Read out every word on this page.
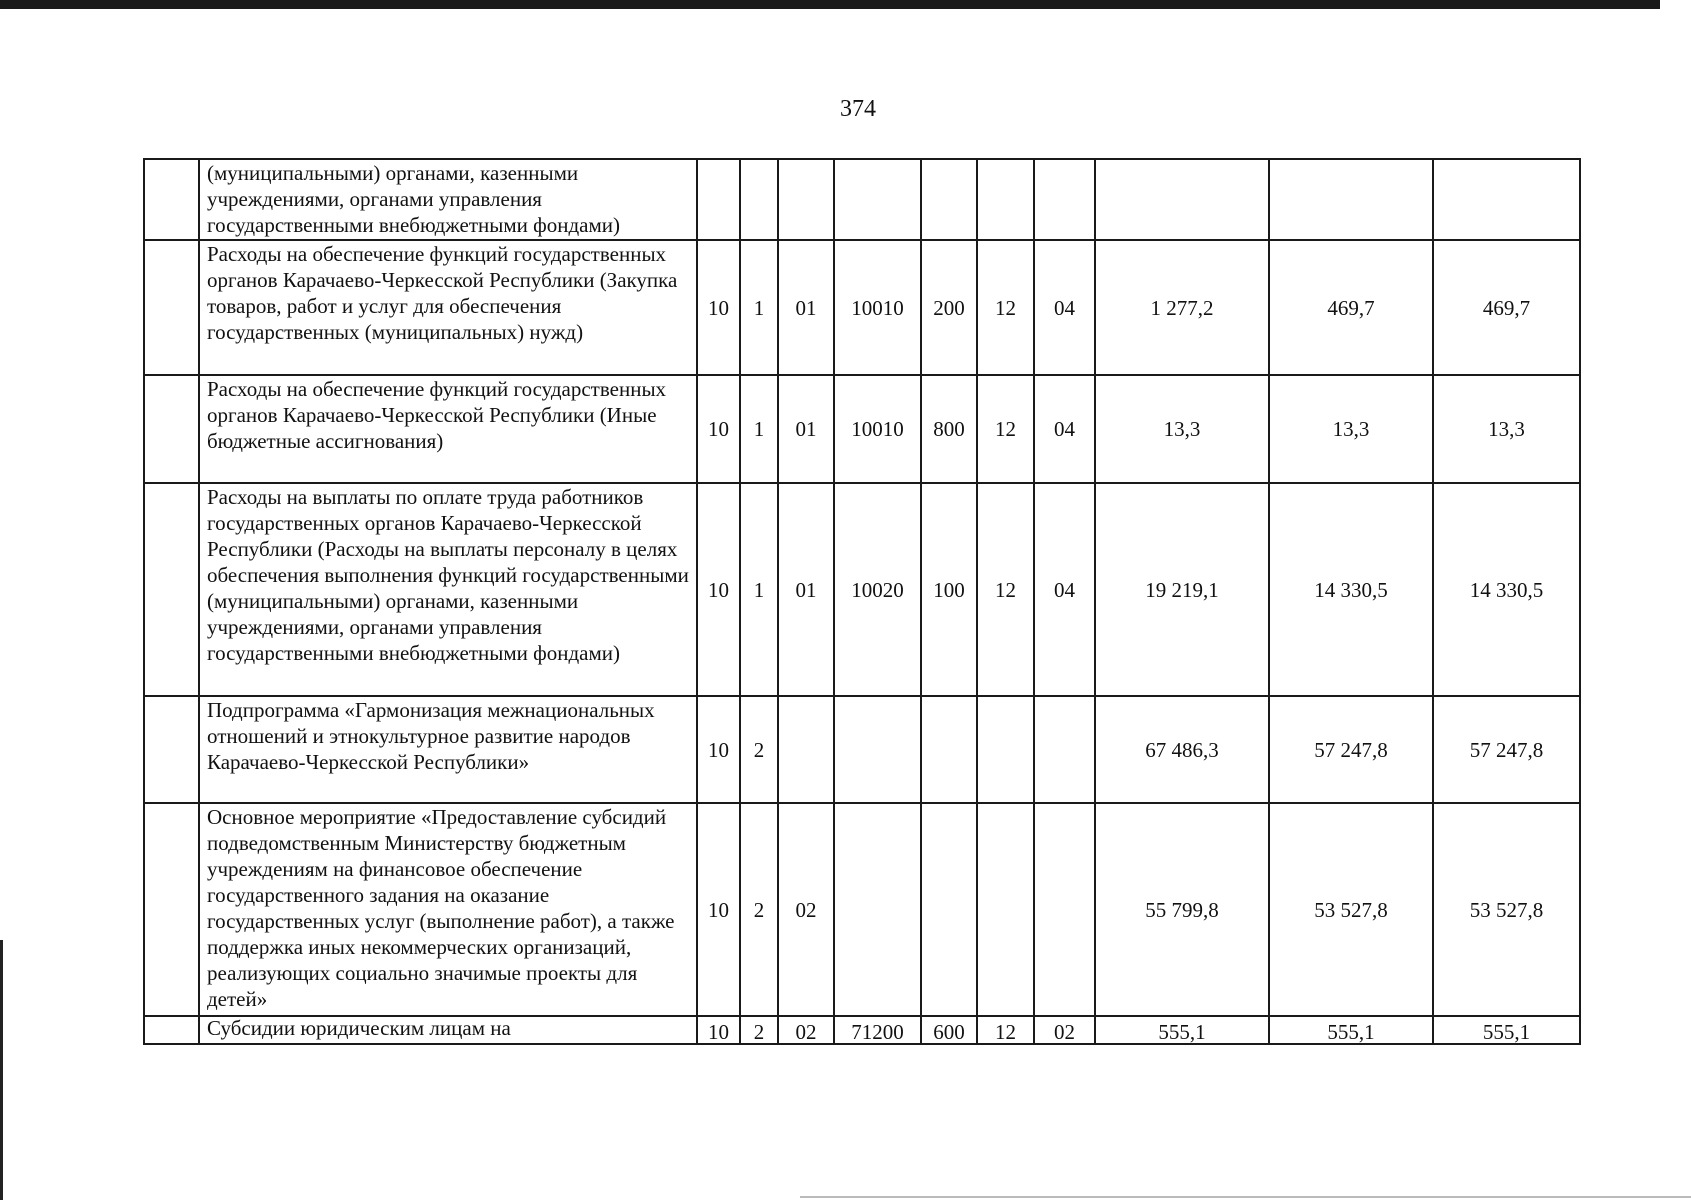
374
	(муниципальными) органами, казенными учреждениями, органами управления государственными внебюджетными фондами)										
	Расходы на обеспечение функций государственных органов Карачаево-Черкесской Республики (Закупка товаров, работ и услуг для обеспечения государственных (муниципальных) нужд)	10	1	01	10010	200	12	04	1 277,2	469,7	469,7
	Расходы на обеспечение функций государственных органов Карачаево-Черкесской Республики (Иные бюджетные ассигнования)	10	1	01	10010	800	12	04	13,3	13,3	13,3
	Расходы на выплаты по оплате труда работников государственных органов Карачаево-Черкесской Республики (Расходы на выплаты персоналу в целях обеспечения выполнения функций государственными (муниципальными) органами, казенными учреждениями, органами управления государственными внебюджетными фондами)	10	1	01	10020	100	12	04	19 219,1	14 330,5	14 330,5
	Подпрограмма «Гармонизация межнациональных отношений и этнокультурное развитие народов Карачаево-Черкесской Республики»	10	2						67 486,3	57 247,8	57 247,8
	Основное мероприятие «Предоставление субсидий подведомственным Министерству бюджетным учреждениям на финансовое обеспечение государственного задания на оказание государственных услуг (выполнение работ), а также поддержка иных некоммерческих организаций, реализующих социально значимые проекты для детей»	10	2	02					55 799,8	53 527,8	53 527,8
	Субсидии юридическим лицам на	10	2	02	71200	600	12	02	555,1	555,1	555,1
